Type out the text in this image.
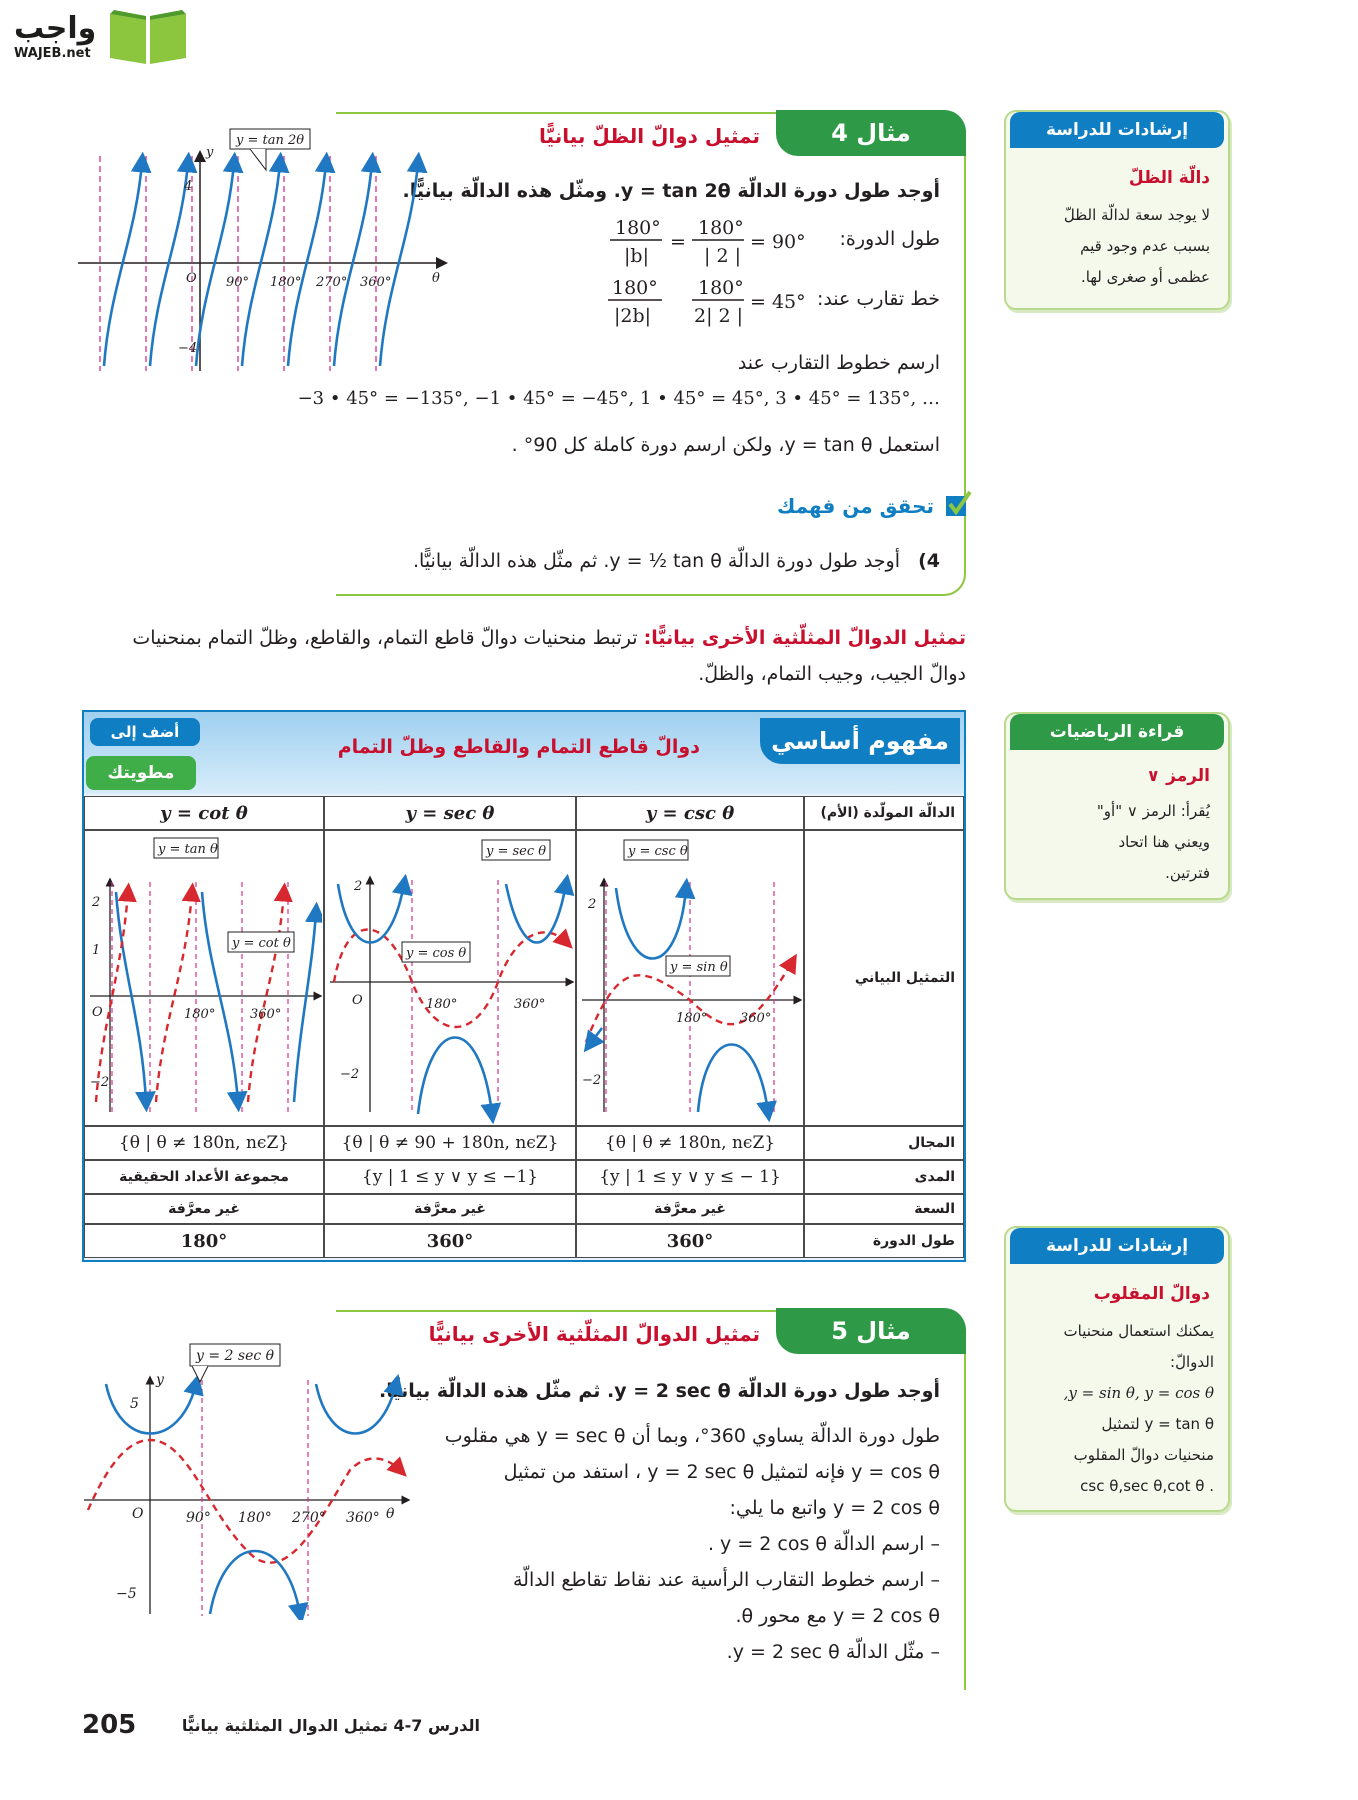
واجب
WAJEB.net
مثال 4
تمثيل دوالّ الظلّ بيانيًّا
أوجد طول دورة الدالّة y = tan 2θ. ومثّل هذه الدالّة بيانيًّا.
طول الدورة:
180°
|b|
=
180°
| 2 |
= 90°
خط تقارب عند:
180°
|2b|
180°
2| 2 |
= 45°
ارسم خطوط التقارب عند
−3 • 45° = −135°, −1 • 45° = −45°, 1 • 45° = 45°, 3 • 45° = 135°, …
استعمل y = tan θ، ولكن ارسم دورة كاملة كل 90° .
تحقق من فهمك
4)
أوجد طول دورة الدالّة y = ½ tan θ. ثم مثّل هذه الدالّة بيانيًّا.
O 90° 180° 270° 360°	θ
y
4
−4
y = tan 2θ
إرشادات للدراسة
دالّة الظلّ
لا يوجد سعة لدالّة الظلّ
بسبب عدم وجود قيم
عظمى أو صغرى لها.
تمثيل الدوالّ المثلّثية الأخرى بيانيًّا: ترتبط منحنيات دوالّ قاطع التمام، والقاطع، وظلّ التمام بمنحنيات
دوالّ الجيب، وجيب التمام، والظلّ.
مفهوم أساسي
دوالّ قاطع التمام والقاطع وظلّ التمام
أضف إلى
مطويتك
الدالّة المولّدة (الأم)
y = csc θ
y = sec θ
y = cot θ
التمثيل البياني
2
−2
180°	360°
y = csc θ
y = sin θ
O
2
−2
180°	360°
y = sec θ
y = cos θ
O
2
1
−2
180°	360°
y = tan θ
y = cot θ
المجال
{θ | θ ≠ 180n, nϵZ}
{θ | θ ≠ 90 + 180n, nϵZ}
{θ | θ ≠ 180n, nϵZ}
المدى
{y | 1 ≤ y ∨ y ≤ − 1}
{y | 1 ≤ y ∨ y ≤ −1}
مجموعة الأعداد الحقيقية
السعة
غير معرَّفة
غير معرَّفة
غير معرَّفة
طول الدورة
360°
360°
180°
قراءة الرياضيات
الرمز ∨
يُقرأ: الرمز ∨ "أو"
ويعني هنا اتحاد
فترتين.
إرشادات للدراسة
دوالّ المقلوب
يمكنك استعمال منحنيات
الدوالّ:
y = sin θ, y = cos θ,
y = tan θ لتمثيل
منحنيات دوالّ المقلوب
. csc θ,sec θ,cot θ
مثال 5
تمثيل الدوالّ المثلّثية الأخرى بيانيًّا
أوجد طول دورة الدالّة y = 2 sec θ. ثم مثّل هذه الدالّة بيانيًّا.
طول دورة الدالّة يساوي 360°، وبما أن y = sec θ هي مقلوب
y = cos θ فإنه لتمثيل y = 2 sec θ ، استفد من تمثيل
y = 2 cos θ واتبع ما يلي:
– ارسم الدالّة y = 2 cos θ .
– ارسم خطوط التقارب الرأسية عند نقاط تقاطع الدالّة
y = 2 cos θ مع محور θ.
– مثّل الدالّة y = 2 sec θ.
O	90° 180° 270° 360° θ
y
5
−5
y = 2 sec θ
205	الدرس 7-4 تمثيل الدوال المثلثية بيانيًّا
